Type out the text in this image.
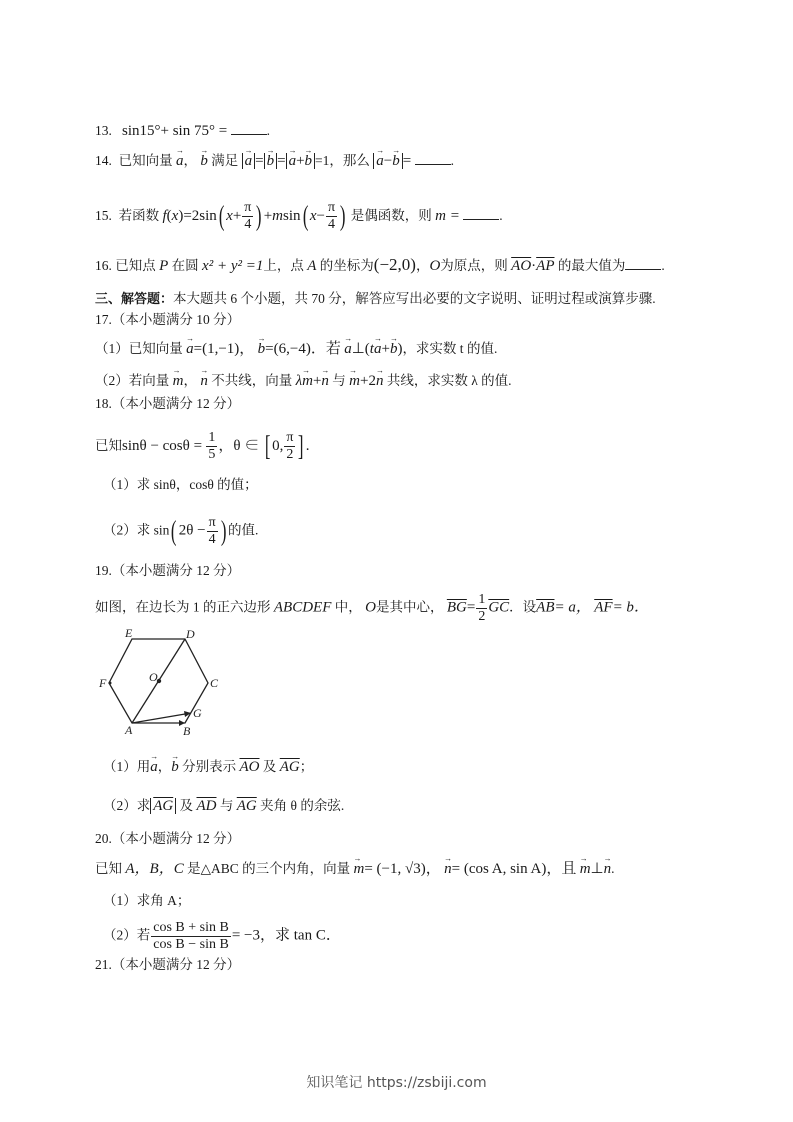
13. sin15°+ sin 75° =	.
14. 已知向量 a →， b → 满足 a → = b → = a →+b → =1，那么 a →−b → =	.
15. 若函数 f(x)=2sin( $x+ \frac{\pi}{4}$ ) +msin( $x- \frac{\pi}{4}$ ) 是偶函数，则 m =	.
16. 已知点 P 在圆 x² + y² =1上，点 A 的坐标为(−2,0)，O为原点，则 $\overline{AO}\cdot\overline{AP}$ 的最大值为	.
三、解答题：本大题共 6 个小题，共 70 分，解答应写出必要的文字说明、证明过程或演算步骤.
17.（本小题满分 10 分）
（1）已知向量 a →=(1,−1)， b →=(6,−4)．若 a →⊥(ta →+b →)，求实数 t 的值.
（2）若向量 m →， n → 不共线，向量 λm →+n → 与 m →+2n → 共线，求实数 λ 的值.
18.（本小题满分 12 分）
已知$\sin\theta - \cos\theta = \frac{1}{5}$ ，θ ∈ [ 0, $\frac{\pi}{2}$ ] .
（1）求 sinθ，cosθ 的值；
（2）求 sin( $2\theta - \frac{\pi}{4}$ ) 的值.
19.（本小题满分 12 分）
如图，在边长为 1 的正六边形 ABCDEF 中， O是其中心， $\overline{BG}= \frac{1}{2} \overline{GC}$．设$\overline{AB}= a$， $\overline{AF}= b$．
E	D
F	O	C
G
A	B
（1）用a →，b → 分别表示 $\overline{AO}$ 及 $\overline{AG}$；
（2）求 $\overline{AG}$ 及 $\overline{AD}$ 与 $\overline{AG}$ 夹角 θ 的余弦.
20.（本小题满分 12 分）
已知 A，B，C 是△ABC 的三个内角，向量 m →= (−1, √3)， n →= (cos A, sin A)，且 m →⊥n →.
（1）求角 A；
（2）若 $\frac{\text{cos B + sin B}}{\text{cos B − sin B}} = -3$，求 tan C．
21.（本小题满分 12 分）
知识笔记 https://zsbiji.com
